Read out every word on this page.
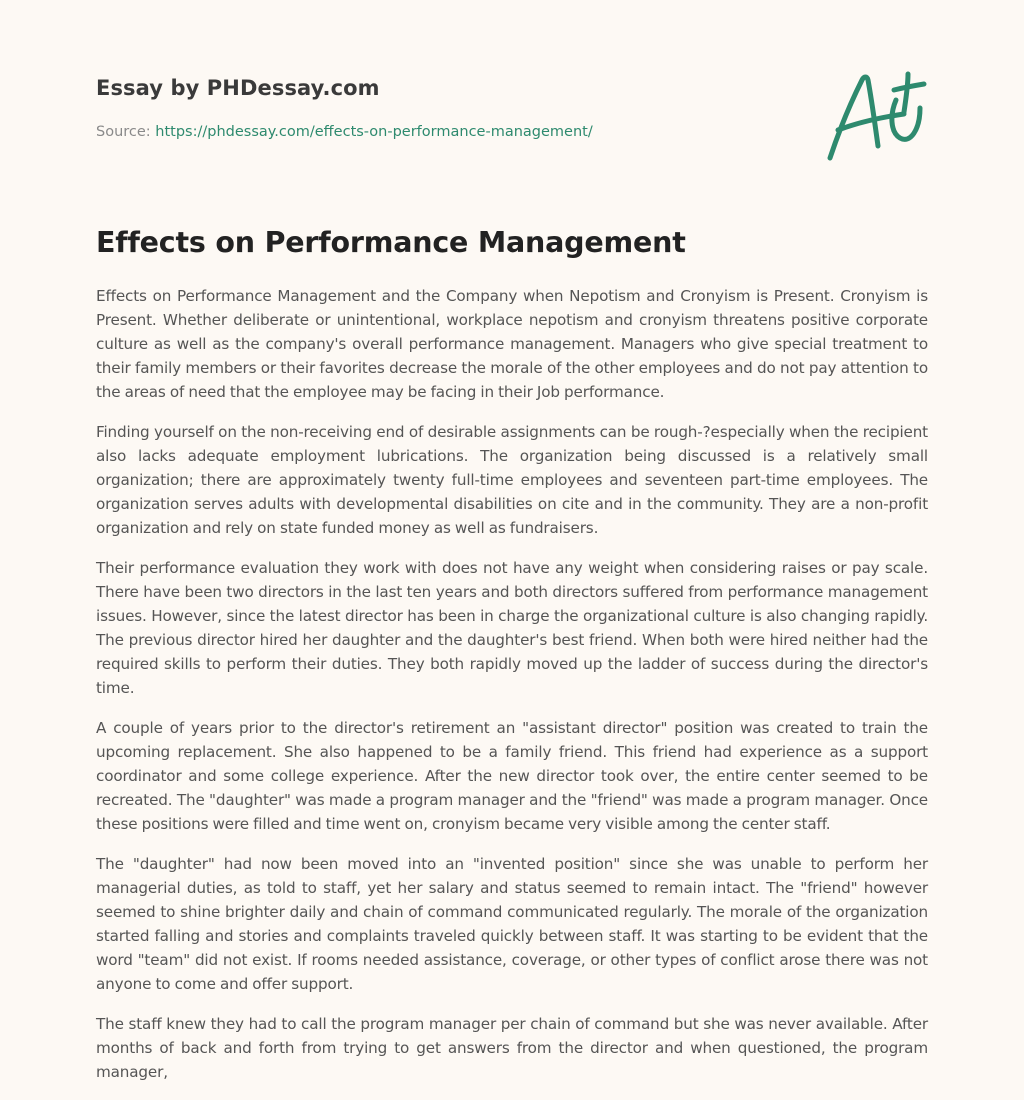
Essay by PHDessay.com
Source: https://phdessay.com/effects-on-performance-management/
Effects on Performance Management

Effects on Performance Management and the Company when Nepotism and Cronyism is Present. Cronyism is Present. Whether deliberate or unintentional, workplace nepotism and cronyism threatens positive corporate culture as well as the company's overall performance management. Managers who give special treatment to their family members or their favorites decrease the morale of the other employees and do not pay attention to the areas of need that the employee may be facing in their Job performance.

Finding yourself on the non-receiving end of desirable assignments can be rough-?especially when the recipient also lacks adequate employment lubrications. The organization being discussed is a relatively small organization; there are approximately twenty full-time employees and seventeen part-time employees. The organization serves adults with developmental disabilities on cite and in the community. They are a non-profit organization and rely on state funded money as well as fundraisers.

Their performance evaluation they work with does not have any weight when considering raises or pay scale. There have been two directors in the last ten years and both directors suffered from performance management issues. However, since the latest director has been in charge the organizational culture is also changing rapidly. The previous director hired her daughter and the daughter's best friend. When both were hired neither had the required skills to perform their duties. They both rapidly moved up the ladder of success during the director's time.

A couple of years prior to the director's retirement an "assistant director" position was created to train the upcoming replacement. She also happened to be a family friend. This friend had experience as a support coordinator and some college experience. After the new director took over, the entire center seemed to be recreated. The "daughter" was made a program manager and the "friend" was made a program manager. Once these positions were filled and time went on, cronyism became very visible among the center staff.

The "daughter" had now been moved into an "invented position" since she was unable to perform her managerial duties, as told to staff, yet her salary and status seemed to remain intact. The "friend" however seemed to shine brighter daily and chain of command communicated regularly. The morale of the organization started falling and stories and complaints traveled quickly between staff. It was starting to be evident that the word "team" did not exist. If rooms needed assistance, coverage, or other types of conflict arose there was not anyone to come and offer support.

The staff knew they had to call the program manager per chain of command but she was never available. After months of back and forth from trying to get answers from the director and when questioned, the program manager,
